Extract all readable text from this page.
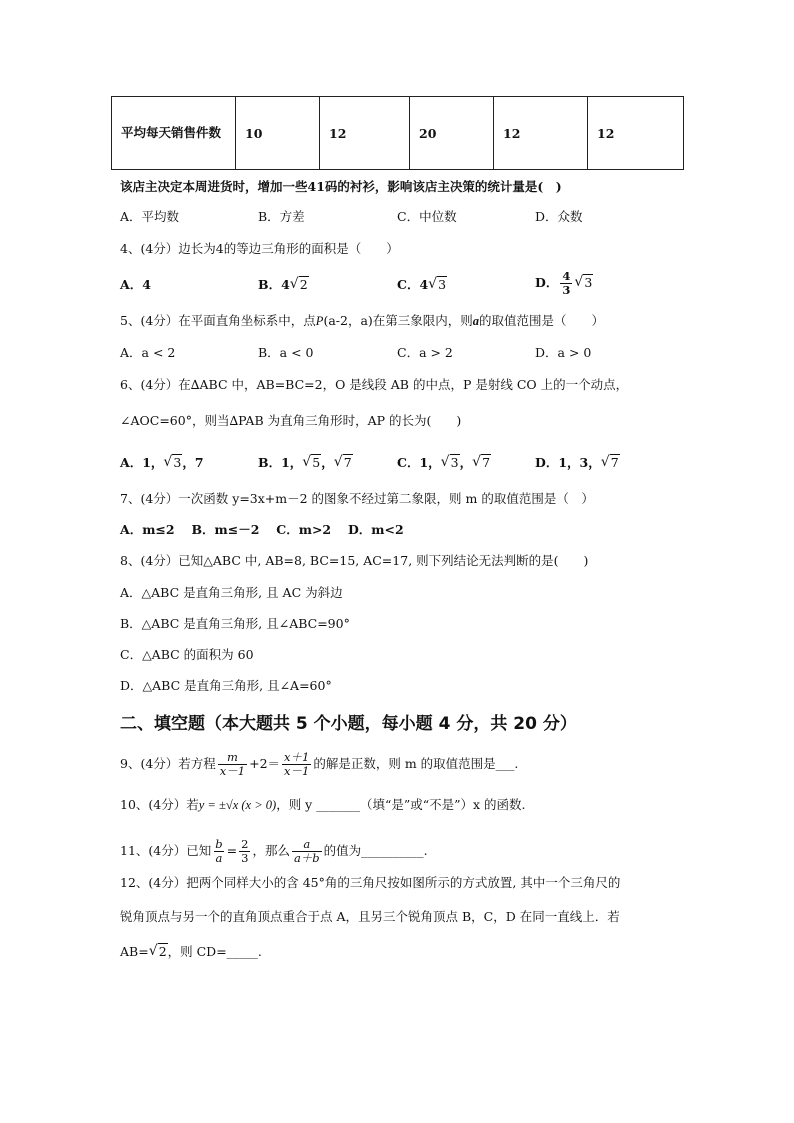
平均每天销售件数	10	12	20	12	12
该店主决定本周进货时，增加一些41码的衬衫，影响该店主决策的统计量是(　)
A．平均数	B．方差	C．中位数	D．众数
4、(4分）边长为4的等边三角形的面积是（　　）
A．4	B．4 √ 2	C．4 √ 3	D． $\frac{4}{3}$ √ 3
5、(4分）在平面直角坐标系中，点P(a-2，a)在第三象限内，则a的取值范围是（　　）
A．a < 2	B．a < 0	C．a > 2	D．a > 0
6、(4分）在∆ABC 中，AB=BC=2，O 是线段 AB 的中点，P 是射线 CO 上的一个动点，
∠AOC=60°，则当∆PAB 为直角三角形时，AP 的长为(　　)
A．1， √ 3，7	B．1， √ 5， √ 7	C．1， √ 3， √ 7	D．1，3， √ 7
7、(4分）一次函数 y=3x+m－2 的图象不经过第二象限，则 m 的取值范围是（　）
A．m≤2　 B．m≤－2　 C．m>2　 D．m<2
8、(4分）已知△ABC 中, AB=8, BC=15, AC=17, 则下列结论无法判断的是(　　)
A．△ABC 是直角三角形, 且 AC 为斜边
B．△ABC 是直角三角形, 且∠ABC=90°
C．△ABC 的面积为 60
D．△ABC 是直角三角形, 且∠A=60°
二、填空题（本大题共 5 个小题，每小题 4 分，共 20 分）
9、(4分）若方程 $\frac{m}{x-1} +2= \frac{x+1}{x-1}$ 的解是正数，则 m 的取值范围是___.
10、(4分）若y = ±√x (x > 0)，则 y _______（填“是”或“不是”）x 的函数.
11、(4分）已知 $\frac{b}{a} = \frac{2}{3}$ ，那么 $\frac{a}{a+b}$ 的值为__________.
12、(4分）把两个同样大小的含 45°角的三角尺按如图所示的方式放置, 其中一个三角尺的
锐角顶点与另一个的直角顶点重合于点 A，且另三个锐角顶点 B，C，D 在同一直线上．若
AB= √ 2，则 CD=_____.
